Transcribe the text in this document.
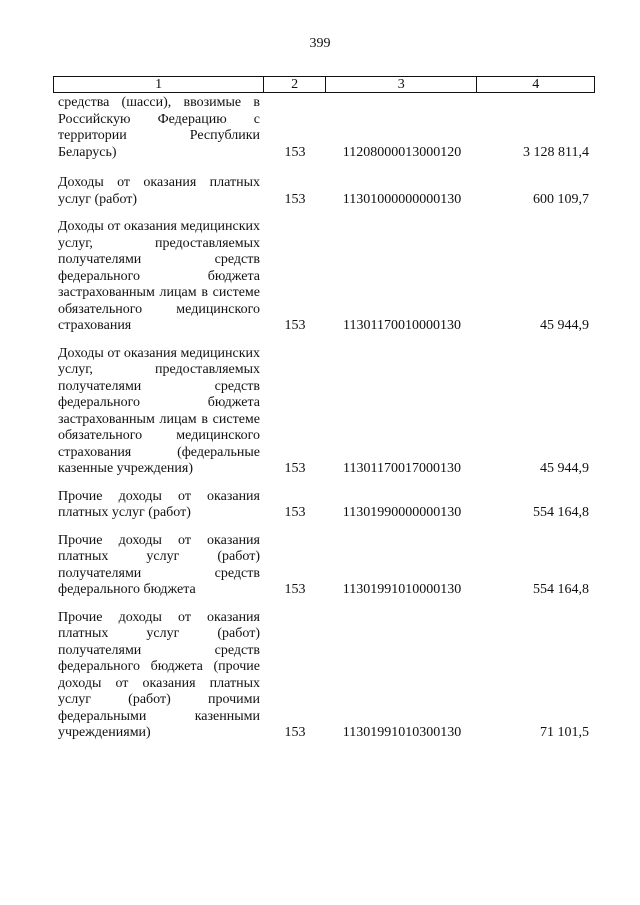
399
1	2	3	4
средства (шасси), ввозимые в Российскую Федерацию с территории Республики Беларусь)	153	11208000013000120	3 128 811,4
Доходы от оказания платных услуг (работ)	153	11301000000000130	600 109,7
Доходы от оказания медицинских услуг, предоставляемых получателями средств федерального бюджета застрахованным лицам в системе обязательного медицинского страхования	153	11301170010000130	45 944,9
Доходы от оказания медицинских услуг, предоставляемых получателями средств федерального бюджета застрахованным лицам в системе обязательного медицинского страхования (федеральные казенные учреждения)	153	11301170017000130	45 944,9
Прочие доходы от оказания платных услуг (работ)	153	11301990000000130	554 164,8
Прочие доходы от оказания платных услуг (работ) получателями средств федерального бюджета	153	11301991010000130	554 164,8
Прочие доходы от оказания платных услуг (работ) получателями средств федерального бюджета (прочие доходы от оказания платных услуг (работ) прочими федеральными казенными учреждениями)	153	11301991010300130	71 101,5
